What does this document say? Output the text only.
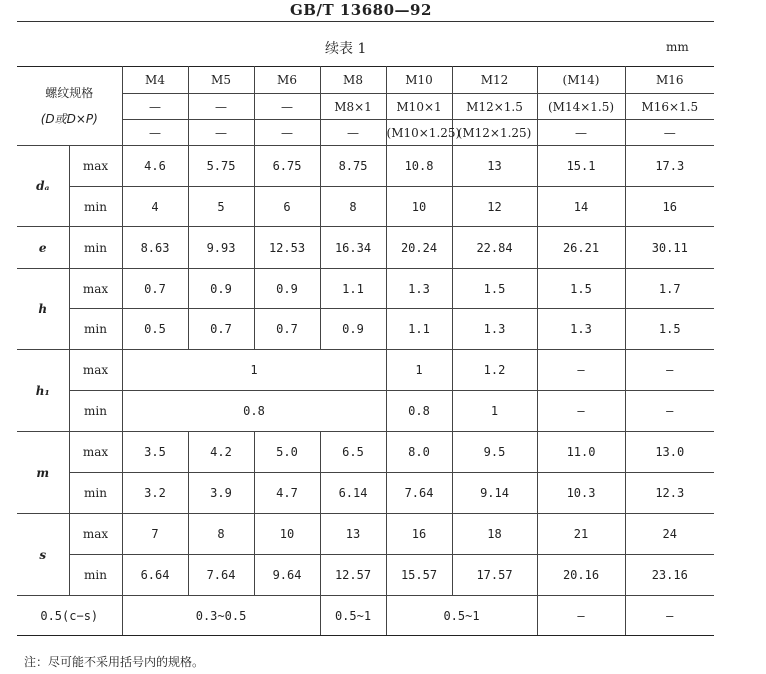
GB/T 13680—92
续表 1	mm
螺纹规格
(D或D×P)		M4	M5	M6	M8	M10	M12	(M14)	M16
		—	—	—	M8×1	M10×1	M12×1.5	(M14×1.5)	M16×1.5
		—	—	—	—	(M10×1.25)	(M12×1.25)	—	—
dₐ	max	4.6	5.75	6.75	8.75	10.8	13	15.1	17.3
	min	4	5	6	8	10	12	14	16
e	min	8.63	9.93	12.53	16.34	20.24	22.84	26.21	30.11
h	max	0.7	0.9	0.9	1.1	1.3	1.5	1.5	1.7
	min	0.5	0.7	0.7	0.9	1.1	1.3	1.3	1.5
h₁	max	1				1	1.2	—	—
	min	0.8				0.8	1	—	—
m	max	3.5	4.2	5.0	6.5	8.0	9.5	11.0	13.0
	min	3.2	3.9	4.7	6.14	7.64	9.14	10.3	12.3
s	max	7	8	10	13	16	18	21	24
	min	6.64	7.64	9.64	12.57	15.57	17.57	20.16	23.16
0.5(c−s)		0.3~0.5			0.5~1	0.5~1		—	—
注：尽可能不采用括号内的规格。
